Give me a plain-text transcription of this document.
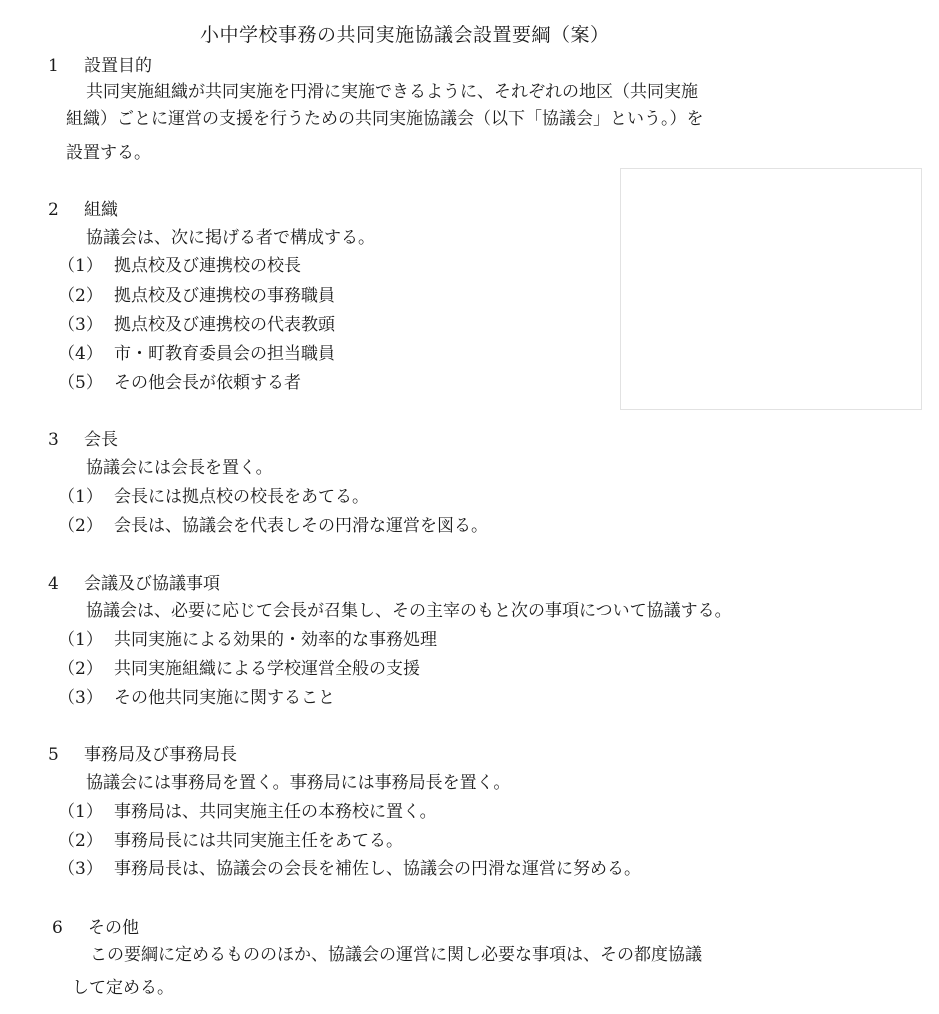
小中学校事務の共同実施協議会設置要綱（案）
1 設置目的
共同実施組織が共同実施を円滑に実施できるように、それぞれの地区（共同実施
組織）ごとに運営の支援を行うための共同実施協議会（以下「協議会」という。）を
設置する。
2 組織
協議会は、次に掲げる者で構成する。
（1） 拠点校及び連携校の校長
（2） 拠点校及び連携校の事務職員
（3） 拠点校及び連携校の代表教頭
（4） 市・町教育委員会の担当職員
（5） その他会長が依頼する者
3 会長
協議会には会長を置く。
（1） 会長には拠点校の校長をあてる。
（2） 会長は、協議会を代表しその円滑な運営を図る。
4 会議及び協議事項
協議会は、必要に応じて会長が召集し、その主宰のもと次の事項について協議する。
（1） 共同実施による効果的・効率的な事務処理
（2） 共同実施組織による学校運営全般の支援
（3） その他共同実施に関すること
5 事務局及び事務局長
協議会には事務局を置く。事務局には事務局長を置く。
（1） 事務局は、共同実施主任の本務校に置く。
（2） 事務局長には共同実施主任をあてる。
（3） 事務局長は、協議会の会長を補佐し、協議会の円滑な運営に努める。
6 その他
この要綱に定めるもののほか、協議会の運営に関し必要な事項は、その都度協議
して定める。
